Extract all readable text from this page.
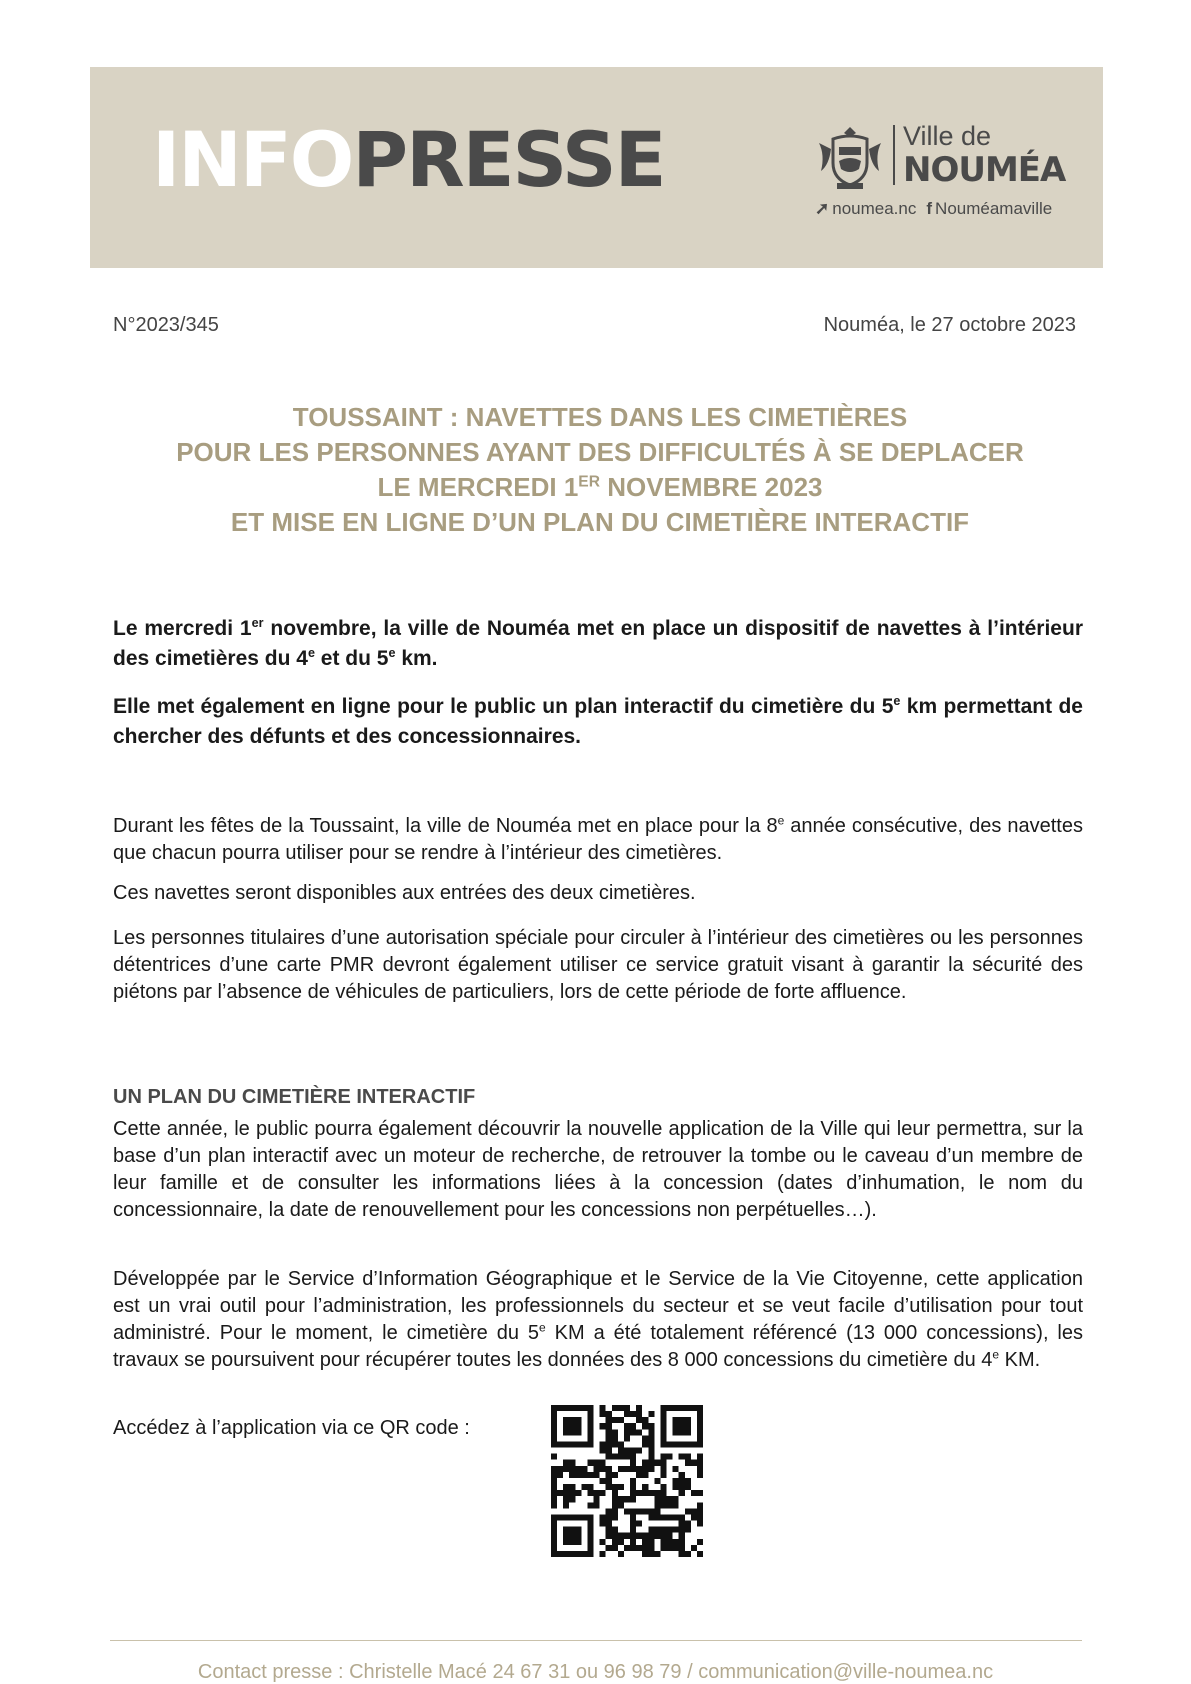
INFOPRESSE	Ville de
NOUMÉA
➚ noumea.nc f Nouméamaville
N°2023/345	Nouméa, le 27 octobre 2023
TOUSSAINT : NAVETTES DANS LES CIMETIÈRES
POUR LES PERSONNES AYANT DES DIFFICULTÉS À SE DEPLACER
LE MERCREDI 1ER NOVEMBRE 2023
ET MISE EN LIGNE D’UN PLAN DU CIMETIÈRE INTERACTIF

Le mercredi 1er novembre, la ville de Nouméa met en place un dispositif de navettes à l’intérieur des cimetières du 4e et du 5e km.

Elle met également en ligne pour le public un plan interactif du cimetière du 5e km permettant de chercher des défunts et des concessionnaires.

Durant les fêtes de la Toussaint, la ville de Nouméa met en place pour la 8e année consécutive, des navettes que chacun pourra utiliser pour se rendre à l’intérieur des cimetières.

Ces navettes seront disponibles aux entrées des deux cimetières.

Les personnes titulaires d’une autorisation spéciale pour circuler à l’intérieur des cimetières ou les personnes détentrices d’une carte PMR devront également utiliser ce service gratuit visant à garantir la sécurité des piétons par l’absence de véhicules de particuliers, lors de cette période de forte affluence.

UN PLAN DU CIMETIÈRE INTERACTIF

Cette année, le public pourra également découvrir la nouvelle application de la Ville qui leur permettra, sur la base d’un plan interactif avec un moteur de recherche, de retrouver la tombe ou le caveau d’un membre de leur famille et de consulter les informations liées à la concession (dates d’inhumation, le nom du concessionnaire, la date de renouvellement pour les concessions non perpétuelles…).

Développée par le Service d’Information Géographique et le Service de la Vie Citoyenne, cette application est un vrai outil pour l’administration, les professionnels du secteur et se veut facile d’utilisation pour tout administré. Pour le moment, le cimetière du 5e KM a été totalement référencé (13 000 concessions), les travaux se poursuivent pour récupérer toutes les données des 8 000 concessions du cimetière du 4e KM.

Accédez à l’application via ce QR code :

Contact presse : Christelle Macé 24 67 31 ou 96 98 79 / communication@ville-noumea.nc
